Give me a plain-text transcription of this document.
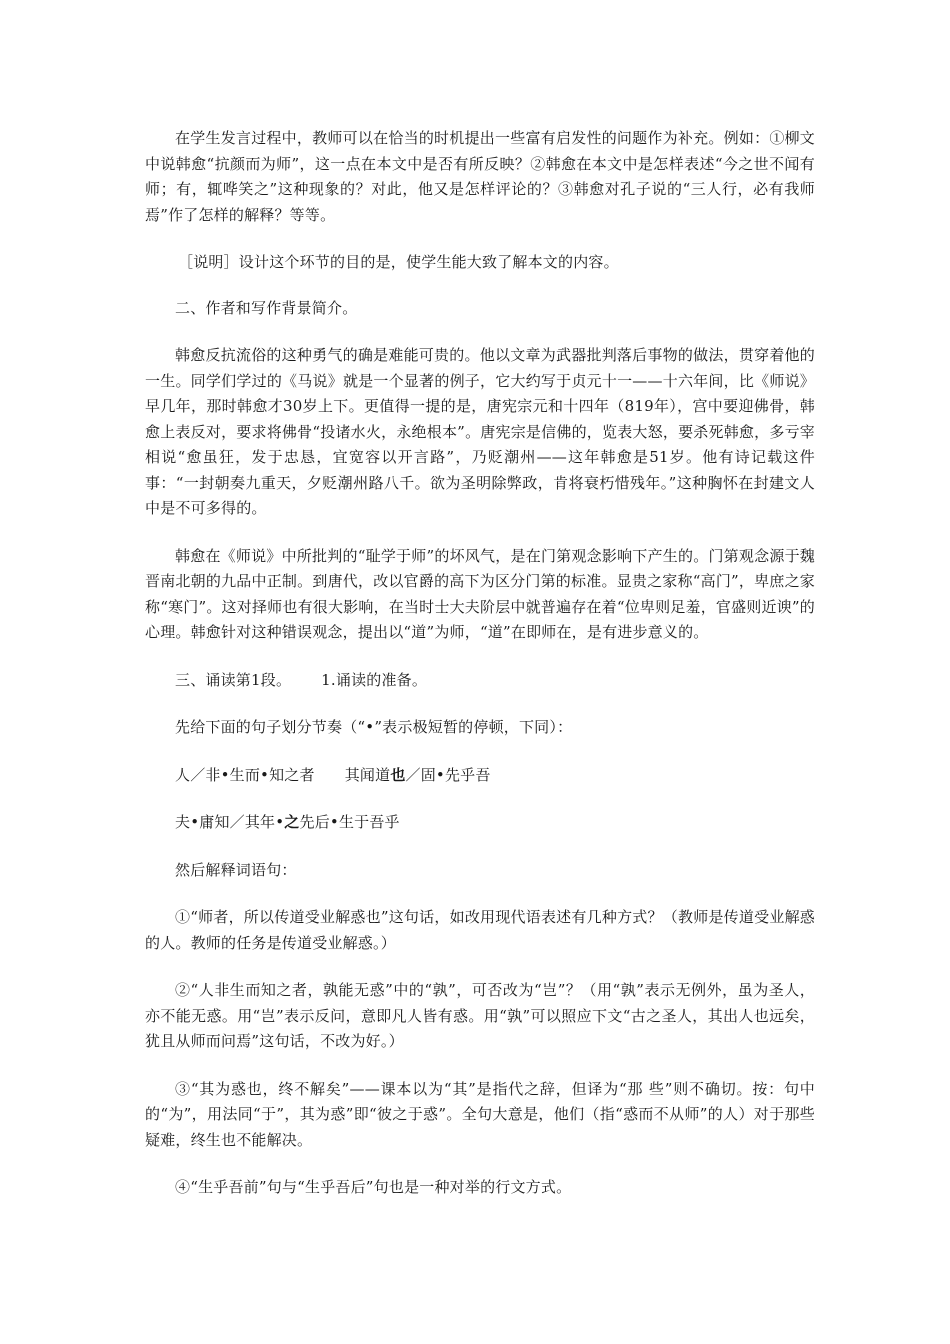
在学生发言过程中，教师可以在恰当的时机提出一些富有启发性的问题作为补充。例如：①柳文中说韩愈“抗颜而为师”，这一点在本文中是否有所反映？②韩愈在本文中是怎样表述“今之世不闻有师；有，辄哗笑之”这种现象的？对此，他又是怎样评论的？③韩愈对孔子说的“三人行，必有我师焉”作了怎样的解释？等等。

［说明］设计这个环节的目的是，使学生能大致了解本文的内容。

二、作者和写作背景简介。

韩愈反抗流俗的这种勇气的确是难能可贵的。他以文章为武器批判落后事物的做法，贯穿着他的一生。同学们学过的《马说》就是一个显著的例子，它大约写于贞元十一——十六年间，比《师说》早几年，那时韩愈才30岁上下。更值得一提的是，唐宪宗元和十四年（819年），宫中要迎佛骨，韩愈上表反对，要求将佛骨“投诸水火，永绝根本”。唐宪宗是信佛的，览表大怒，要杀死韩愈，多亏宰相说“愈虽狂，发于忠恳，宜宽容以开言路”，乃贬潮州——这年韩愈是51岁。他有诗记载这件事：“一封朝奏九重天，夕贬潮州路八千。欲为圣明除弊政，肯将衰朽惜残年。”这种胸怀在封建文人中是不可多得的。

韩愈在《师说》中所批判的“耻学于师”的坏风气，是在门第观念影响下产生的。门第观念源于魏晋南北朝的九品中正制。到唐代，改以官爵的高下为区分门第的标准。显贵之家称“高门”，卑庶之家称“寒门”。这对择师也有很大影响，在当时士大夫阶层中就普遍存在着“位卑则足羞，官盛则近谀”的心理。韩愈针对这种错误观念，提出以“道”为师，“道”在即师在，是有进步意义的。

三、诵读第1段。 1.诵读的准备。

先给下面的句子划分节奏（“•”表示极短暂的停顿，下同）：

人／非•生而•知之者 其闻道也／固•先乎吾

夫•庸知／其年•之先后•生于吾乎

然后解释词语句：

①“师者，所以传道受业解惑也”这句话，如改用现代语表述有几种方式？（教师是传道受业解惑的人。教师的任务是传道受业解惑。）

②“人非生而知之者，孰能无惑”中的“孰”，可否改为“岂”？（用“孰”表示无例外，虽为圣人，亦不能无惑。用“岂”表示反问，意即凡人皆有惑。用“孰”可以照应下文“古之圣人，其出人也远矣，犹且从师而问焉”这句话，不改为好。）

③“其为惑也，终不解矣”——课本以为“其”是指代之辞，但译为“那 些”则不确切。按：句中的“为”，用法同“于”，其为惑”即“彼之于惑”。全句大意是，他们（指“惑而不从师”的人）对于那些疑难，终生也不能解决。

④“生乎吾前”句与“生乎吾后”句也是一种对举的行文方式。
